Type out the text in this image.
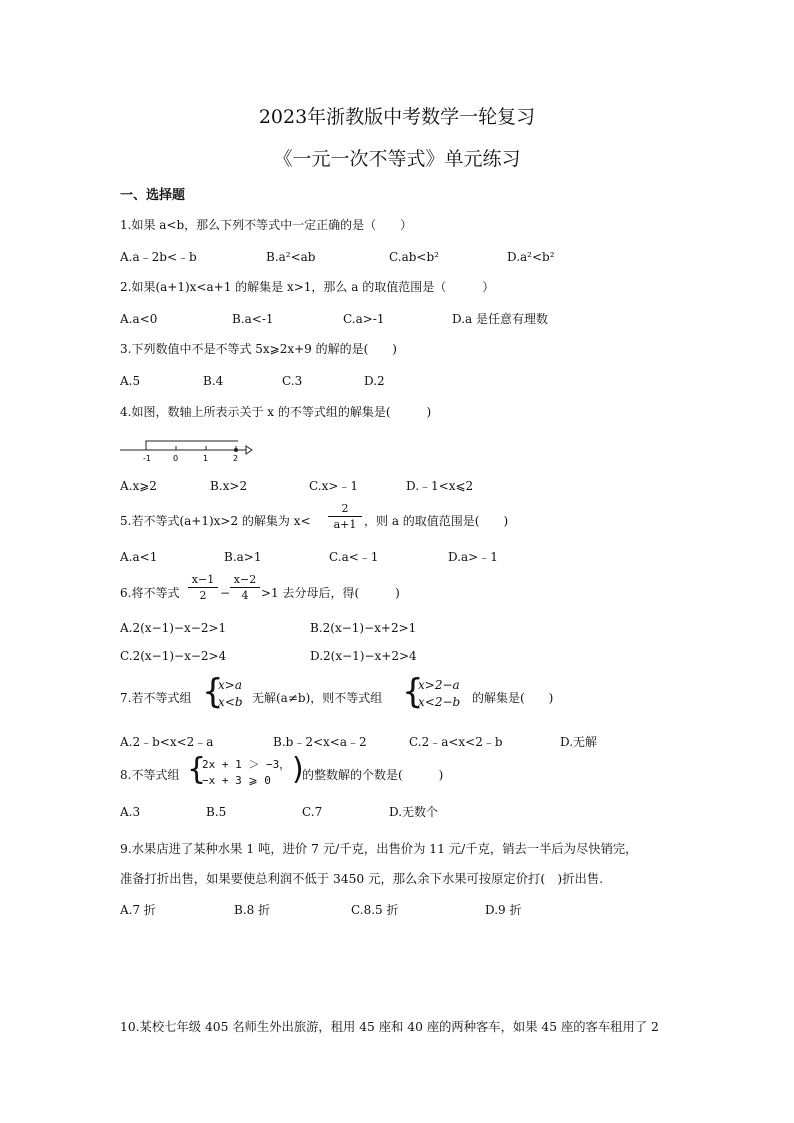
2023年浙教版中考数学一轮复习
《一元一次不等式》单元练习
一、选择题
1.如果 a<b，那么下列不等式中一定正确的是（　　）
A.a﹣2b<﹣b	B.a²<ab	C.ab<b²	D.a²<b²
2.如果(a+1)x<a+1 的解集是 x>1，那么 a 的取值范围是（　　　）
A.a<0	B.a<-1	C.a>-1	D.a 是任意有理数
3.下列数值中不是不等式 5x⩾2x+9 的解的是(　　)
A.5	B.4	C.3	D.2
4.如图，数轴上所表示关于 x 的不等式组的解集是(　　　)
-1	0	1	2
A.x⩾2	B.x>2	C.x>﹣1	D.﹣1<x⩽2
5.若不等式(a+1)x>2 的解集为 x<
2
a+1 ，则 a 的取值范围是(　　)
A.a<1	B.a>1	C.a<﹣1	D.a>﹣1
6.将不等式
x−1
2	−
x−2
4	>1 去分母后，得(　　　)
A.2(x−1)−x−2>1	B.2(x−1)−x+2>1
C.2(x−1)−x−2>4	D.2(x−1)−x+2>4
7.若不等式组 {
x>a
x<b 无解(a≠b)，则不等式组 {
x>2−a
x<2−b 的解集是(　　)
A.2﹣b<x<2﹣a	B.b﹣2<x<a﹣2	C.2﹣a<x<2﹣b	D.无解
8.不等式组 {
2x + 1 ＞ −3，
−x + 3 ⩾ 0 )
的整数解的个数是(　　　)
A.3	B.5	C.7	D.无数个
9.水果店进了某种水果 1 吨，进价 7 元/千克，出售价为 11 元/千克，销去一半后为尽快销完，
准备打折出售，如果要使总利润不低于 3450 元，那么余下水果可按原定价打(　)折出售.
A.7 折	B.8 折	C.8.5 折	D.9 折
10.某校七年级 405 名师生外出旅游，租用 45 座和 40 座的两种客车，如果 45 座的客车租用了 2
